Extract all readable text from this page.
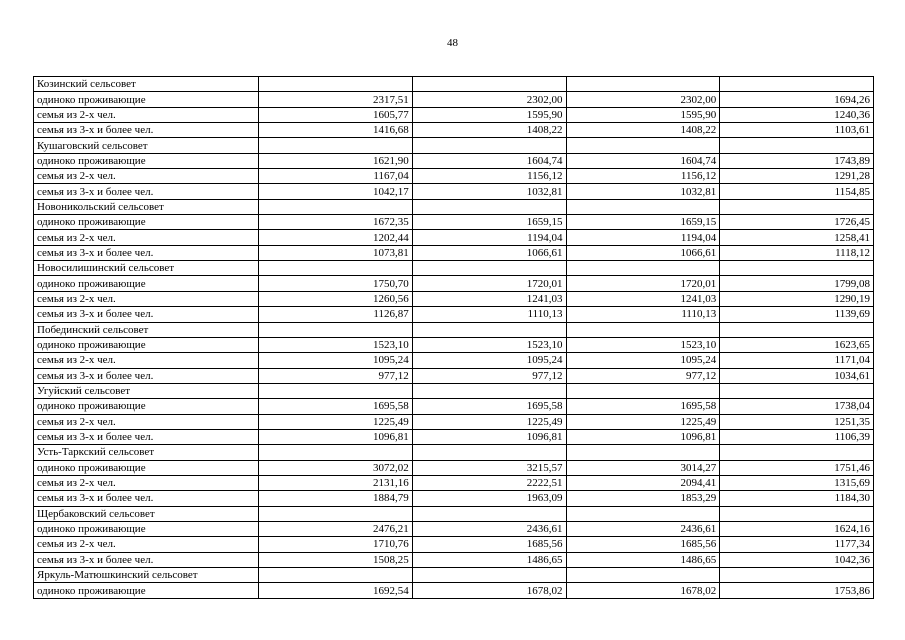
48
Козинский сельсовет				
одиноко проживающие	2317,51	2302,00	2302,00	1694,26
семья из 2-х чел.	1605,77	1595,90	1595,90	1240,36
семья из 3-х и более чел.	1416,68	1408,22	1408,22	1103,61
Кушаговский сельсовет				
одиноко проживающие	1621,90	1604,74	1604,74	1743,89
семья из 2-х чел.	1167,04	1156,12	1156,12	1291,28
семья из 3-х и более чел.	1042,17	1032,81	1032,81	1154,85
Новоникольский сельсовет				
одиноко проживающие	1672,35	1659,15	1659,15	1726,45
семья из 2-х чел.	1202,44	1194,04	1194,04	1258,41
семья из 3-х и более чел.	1073,81	1066,61	1066,61	1118,12
Новосилишинский сельсовет				
одиноко проживающие	1750,70	1720,01	1720,01	1799,08
семья из 2-х чел.	1260,56	1241,03	1241,03	1290,19
семья из 3-х и более чел.	1126,87	1110,13	1110,13	1139,69
Побединский сельсовет				
одиноко проживающие	1523,10	1523,10	1523,10	1623,65
семья из 2-х чел.	1095,24	1095,24	1095,24	1171,04
семья из 3-х и более чел.	977,12	977,12	977,12	1034,61
Угуйский сельсовет				
одиноко проживающие	1695,58	1695,58	1695,58	1738,04
семья из 2-х чел.	1225,49	1225,49	1225,49	1251,35
семья из 3-х и более чел.	1096,81	1096,81	1096,81	1106,39
Усть-Таркский сельсовет				
одиноко проживающие	3072,02	3215,57	3014,27	1751,46
семья из 2-х чел.	2131,16	2222,51	2094,41	1315,69
семья из 3-х и более чел.	1884,79	1963,09	1853,29	1184,30
Щербаковский сельсовет				
одиноко проживающие	2476,21	2436,61	2436,61	1624,16
семья из 2-х чел.	1710,76	1685,56	1685,56	1177,34
семья из 3-х и более чел.	1508,25	1486,65	1486,65	1042,36
Яркуль-Матюшкинский сельсовет				
одиноко проживающие	1692,54	1678,02	1678,02	1753,86
